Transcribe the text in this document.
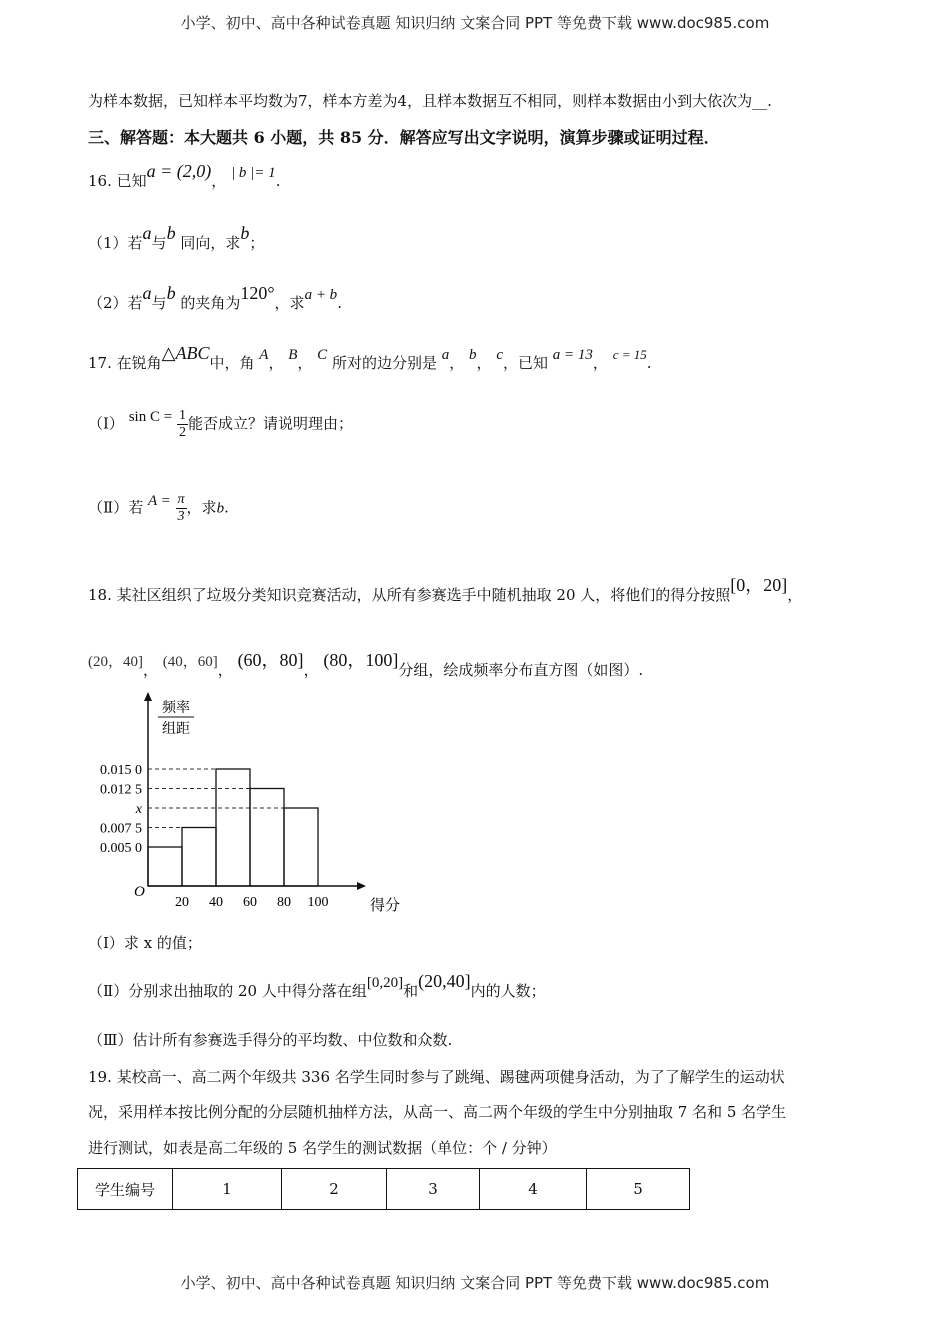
小学、初中、高中各种试卷真题 知识归纳 文案合同 PPT 等免费下载 www.doc985.com
为样本数据，已知样本平均数为7，样本方差为4，且样本数据互不相同，则样本数据由小到大依次为__.
三、解答题：本大题共 6 小题，共 85 分．解答应写出文字说明，演算步骤或证明过程．
16. 已知a = (2,0)， | b |= 1.
（1）若a与b 同向，求b；
（2）若a与b 的夹角为120°，求a + b.
17. 在锐角△ABC中，角 A， B， C 所对的边分别是 a， b， c，已知 a = 13， c = 15.
（Ⅰ） $\sin C = \frac{1}{2}$ 能否成立？请说明理由；
（Ⅱ）若 $A = \frac{\pi}{3}$ ，求b.
18. 某社区组织了垃圾分类知识竞赛活动，从所有参赛选手中随机抽取 20 人，将他们的得分按照[0，20]，
(20，40]， (40，60]， (60，80]， (80，100]分组，绘成频率分布直方图（如图）.
0.015 0
0.012 5
x
0.007 5
0.005 0
20 40 60 80 100
O
得分
频率
组距
（Ⅰ）求 x 的值；
（Ⅱ）分别求出抽取的 20 人中得分落在组[0,20]和(20,40]内的人数；
（Ⅲ）估计所有参赛选手得分的平均数、中位数和众数.
19. 某校高一、高二两个年级共 336 名学生同时参与了跳绳、踢毽两项健身活动，为了了解学生的运动状
况，采用样本按比例分配的分层随机抽样方法，从高一、高二两个年级的学生中分别抽取 7 名和 5 名学生
进行测试，如表是高二年级的 5 名学生的测试数据（单位：个 / 分钟）
学生编号	1	2	3	4	5
小学、初中、高中各种试卷真题 知识归纳 文案合同 PPT 等免费下载 www.doc985.com
